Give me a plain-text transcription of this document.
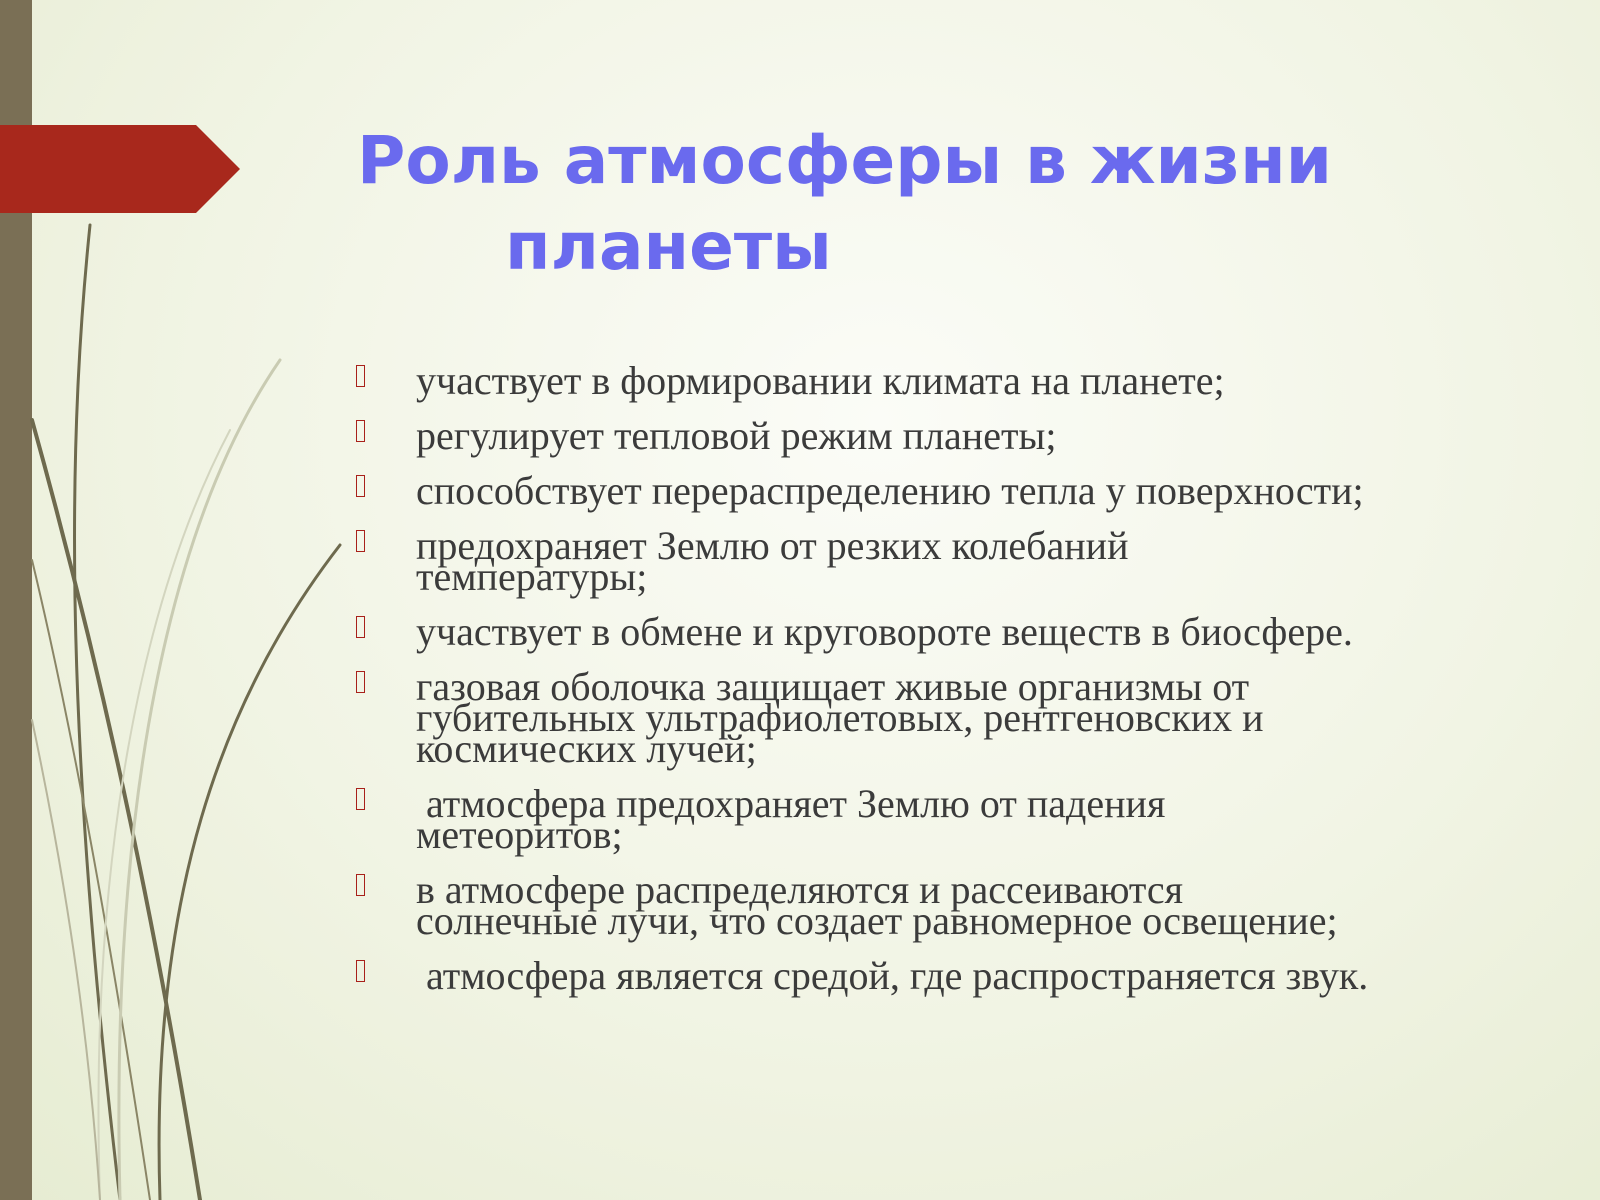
Роль атмосферы в жизни
планеты
участвует в формировании климата на планете;
регулирует тепловой режим планеты;
способствует перераспределению тепла у поверхности;
предохраняет Землю от резких колебаний
температуры;
участвует в обмене и круговороте веществ в биосфере.
газовая оболочка защищает живые организмы от
губительных ультрафиолетовых, рентгеновских и
космических лучей;
атмосфера предохраняет Землю от падения
метеоритов;
в атмосфере распределяются и рассеиваются
солнечные лучи, что создает равномерное освещение;
атмосфера является средой, где распространяется звук.
